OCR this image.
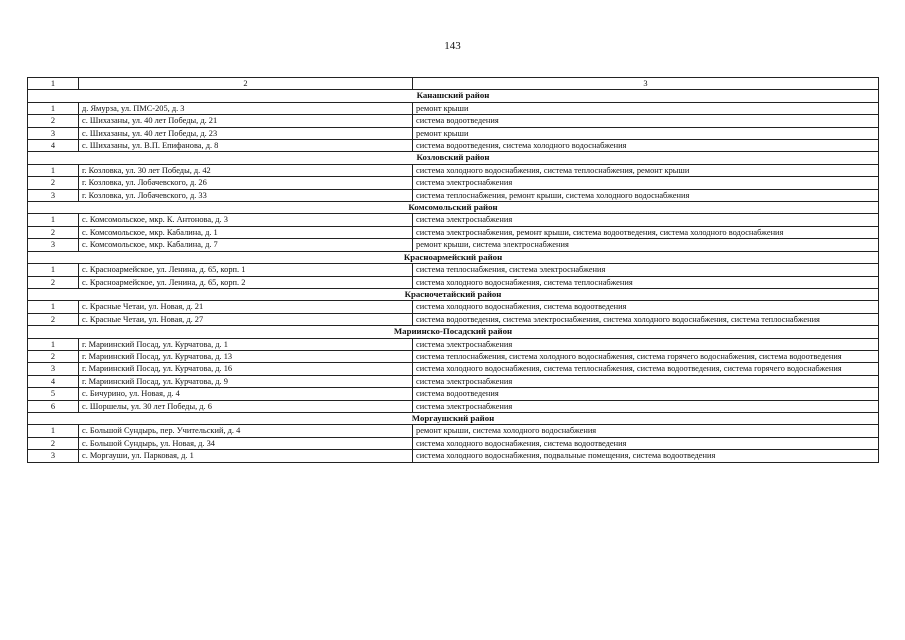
143
1	2	3
Канашский район		
1	д. Ямурза, ул. ПМС-205, д. 3	ремонт крыши
2	с. Шихазаны, ул. 40 лет Победы, д. 21	система водоотведения
3	с. Шихазаны, ул. 40 лет Победы, д. 23	ремонт крыши
4	с. Шихазаны, ул. В.П. Епифанова, д. 8	система водоотведения, система холодного водоснабжения
Козловский район		
1	г. Козловка, ул. 30 лет Победы, д. 42	система холодного водоснабжения, система теплоснабжения, ремонт крыши
2	г. Козловка, ул. Лобачевского, д. 26	система электроснабжения
3	г. Козловка, ул. Лобачевского, д. 33	система теплоснабжения, ремонт крыши, система холодного водоснабжения
Комсомольский район		
1	с. Комсомольское, мкр. К. Антонова, д. 3	система электроснабжения
2	с. Комсомольское, мкр. Кабалина, д. 1	система электроснабжения, ремонт крыши, система водоотведения, система холодного водоснабжения
3	с. Комсомольское, мкр. Кабалина, д. 7	ремонт крыши, система электроснабжения
Красноармейский район		
1	с. Красноармейское, ул. Ленина, д. 65, корп. 1	система теплоснабжения, система электроснабжения
2	с. Красноармейское, ул. Ленина, д. 65, корп. 2	система холодного водоснабжения, система теплоснабжения
Красночетайский район		
1	с. Красные Четаи, ул. Новая, д. 21	система холодного водоснабжения, система водоотведения
2	с. Красные Четаи, ул. Новая, д. 27	система водоотведения, система электроснабжения, система холодного водоснабжения, система теплоснабжения
Мариинско-Посадский район		
1	г. Мариинский Посад, ул. Курчатова, д. 1	система электроснабжения
2	г. Мариинский Посад, ул. Курчатова, д. 13	система теплоснабжения, система холодного водоснабжения, система горячего водоснабжения, система водоотведения
3	г. Мариинский Посад, ул. Курчатова, д. 16	система холодного водоснабжения, система теплоснабжения, система водоотведения, система горячего водоснабжения
4	г. Мариинский Посад, ул. Курчатова, д. 9	система электроснабжения
5	с. Бичурино, ул. Новая, д. 4	система водоотведения
6	с. Шоршелы, ул. 30 лет Победы, д. 6	система электроснабжения
Моргаушский район		
1	с. Большой Сундырь, пер. Учительский, д. 4	ремонт крыши, система холодного водоснабжения
2	с. Большой Сундырь, ул. Новая, д. 34	система холодного водоснабжения, система водоотведения
3	с. Моргауши, ул. Парковая, д. 1	система холодного водоснабжения, подвальные помещения, система водоотведения
